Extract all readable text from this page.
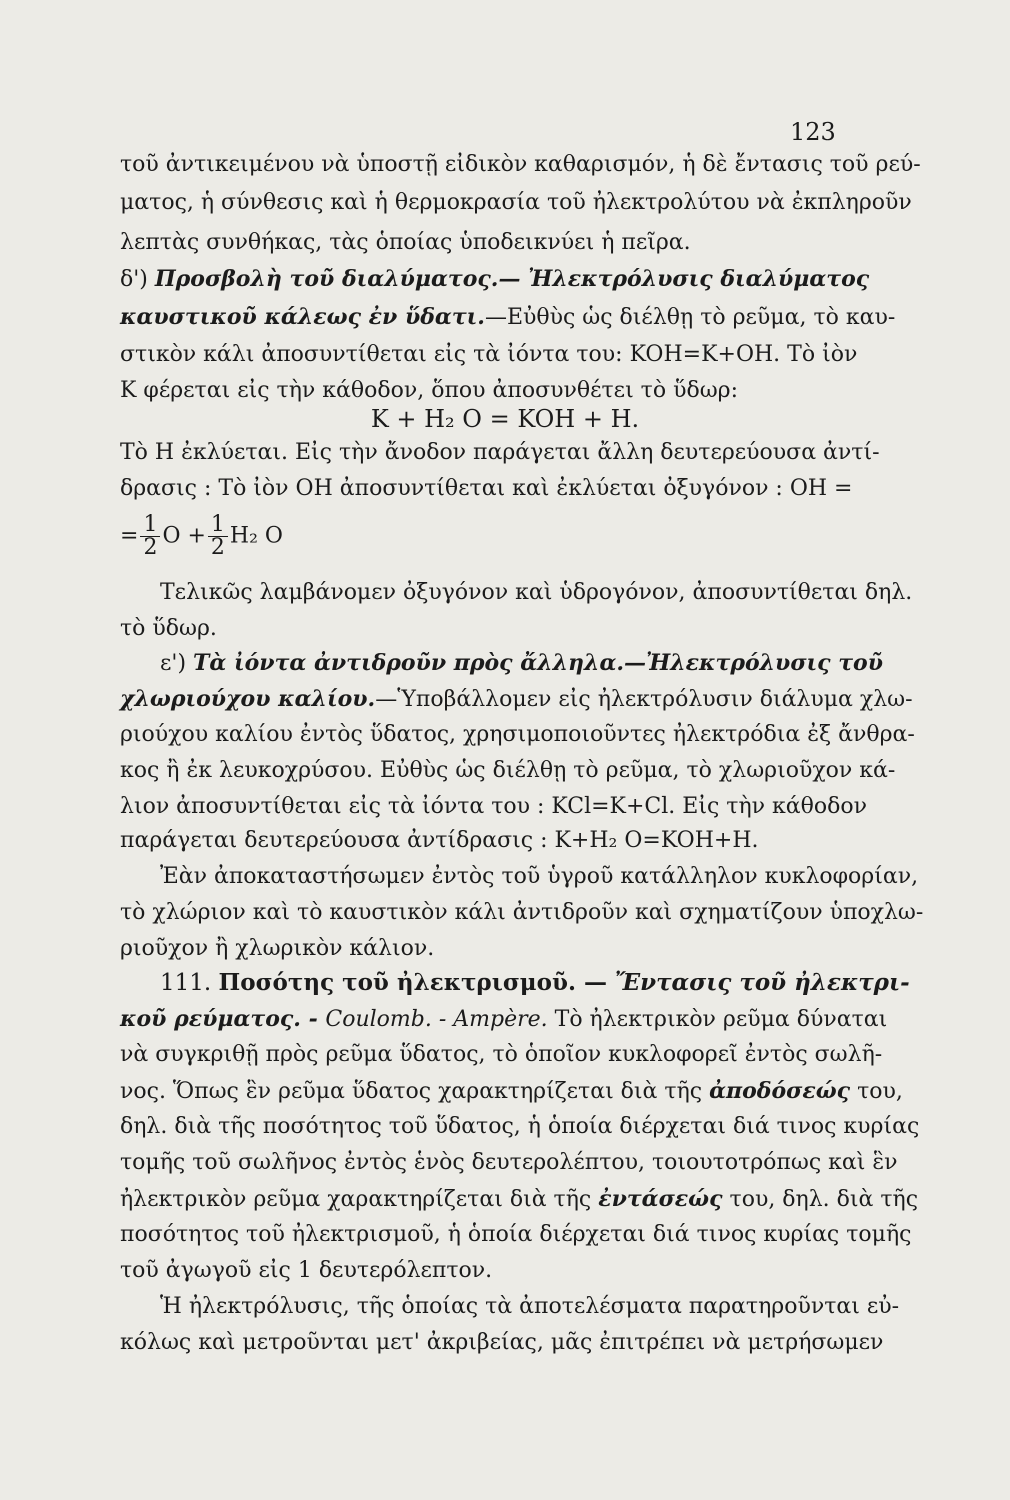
123
τοῦ ἀντικειμένου νὰ ὑποστῇ εἰδικὸν καθαρισμόν, ἡ δὲ ἔντασις τοῦ ρεύ-
ματος, ἡ σύνθεσις καὶ ἡ θερμοκρασία τοῦ ἠλεκτρολύτου νὰ ἐκπληροῦν
λεπτὰς συνθήκας, τὰς ὁποίας ὑποδεικνύει ἡ πεῖρα.
δ') Προσβολὴ τοῦ διαλύματος.— Ἠλεκτρόλυσις διαλύματος
καυστικοῦ κάλεως ἐν ὕδατι.—Εὐθὺς ὡς διέλθῃ τὸ ρεῦμα, τὸ καυ-
στικὸν κάλι ἀποσυντίθεται εἰς τὰ ἰόντα του: KOH=K+OH. Τὸ ἰὸν
K φέρεται εἰς τὴν κάθοδον, ὅπου ἀποσυνθέτει τὸ ὕδωρ:
K + H₂ O = KOH + H.
Τὸ H ἐκλύεται. Εἰς τὴν ἄνοδον παράγεται ἄλλη δευτερεύουσα ἀντί-
δρασις : Τὸ ἰὸν OH ἀποσυντίθεται καὶ ἐκλύεται ὀξυγόνον : OH =
= $\frac{1}{2}$ $O + \frac{1}{2} H_2$ O
Τελικῶς λαμβάνομεν ὀξυγόνον καὶ ὑδρογόνον, ἀποσυντίθεται δηλ.
τὸ ὕδωρ.
ε') Τὰ ἰόντα ἀντιδροῦν πρὸς ἄλληλα.—Ἠλεκτρόλυσις τοῦ
χλωριούχου καλίου.—Ὑποβάλλομεν εἰς ἠλεκτρόλυσιν διάλυμα χλω-
ριούχου καλίου ἐντὸς ὕδατος, χρησιμοποιοῦντες ἠλεκτρόδια ἐξ ἄνθρα-
κος ἢ ἐκ λευκοχρύσου. Εὐθὺς ὡς διέλθῃ τὸ ρεῦμα, τὸ χλωριοῦχον κά-
λιον ἀποσυντίθεται εἰς τὰ ἰόντα του : KCl=K+Cl. Εἰς τὴν κάθοδον
παράγεται δευτερεύουσα ἀντίδρασις : K+H₂ O=KOH+H.
Ἐὰν ἀποκαταστήσωμεν ἐντὸς τοῦ ὑγροῦ κατάλληλον κυκλοφορίαν,
τὸ χλώριον καὶ τὸ καυστικὸν κάλι ἀντιδροῦν καὶ σχηματίζουν ὑποχλω-
ριοῦχον ἢ χλωρικὸν κάλιον.
111. Ποσότης τοῦ ἠλεκτρισμοῦ. — Ἔντασις τοῦ ἠλεκτρι-
κοῦ ρεύματος. - Coulomb. - Ampère. Τὸ ἠλεκτρικὸν ρεῦμα δύναται
νὰ συγκριθῇ πρὸς ρεῦμα ὕδατος, τὸ ὁποῖον κυκλοφορεῖ ἐντὸς σωλῆ-
νος. Ὅπως ἓν ρεῦμα ὕδατος χαρακτηρίζεται διὰ τῆς ἀποδόσεώς του,
δηλ. διὰ τῆς ποσότητος τοῦ ὕδατος, ἡ ὁποία διέρχεται διά τινος κυρίας
τομῆς τοῦ σωλῆνος ἐντὸς ἑνὸς δευτερολέπτου, τοιουτοτρόπως καὶ ἓν
ἠλεκτρικὸν ρεῦμα χαρακτηρίζεται διὰ τῆς ἐντάσεώς του, δηλ. διὰ τῆς
ποσότητος τοῦ ἠλεκτρισμοῦ, ἡ ὁποία διέρχεται διά τινος κυρίας τομῆς
τοῦ ἀγωγοῦ εἰς 1 δευτερόλεπτον.
Ἡ ἠλεκτρόλυσις, τῆς ὁποίας τὰ ἀποτελέσματα παρατηροῦνται εὐ-
κόλως καὶ μετροῦνται μετ' ἀκριβείας, μᾶς ἐπιτρέπει νὰ μετρήσωμεν
